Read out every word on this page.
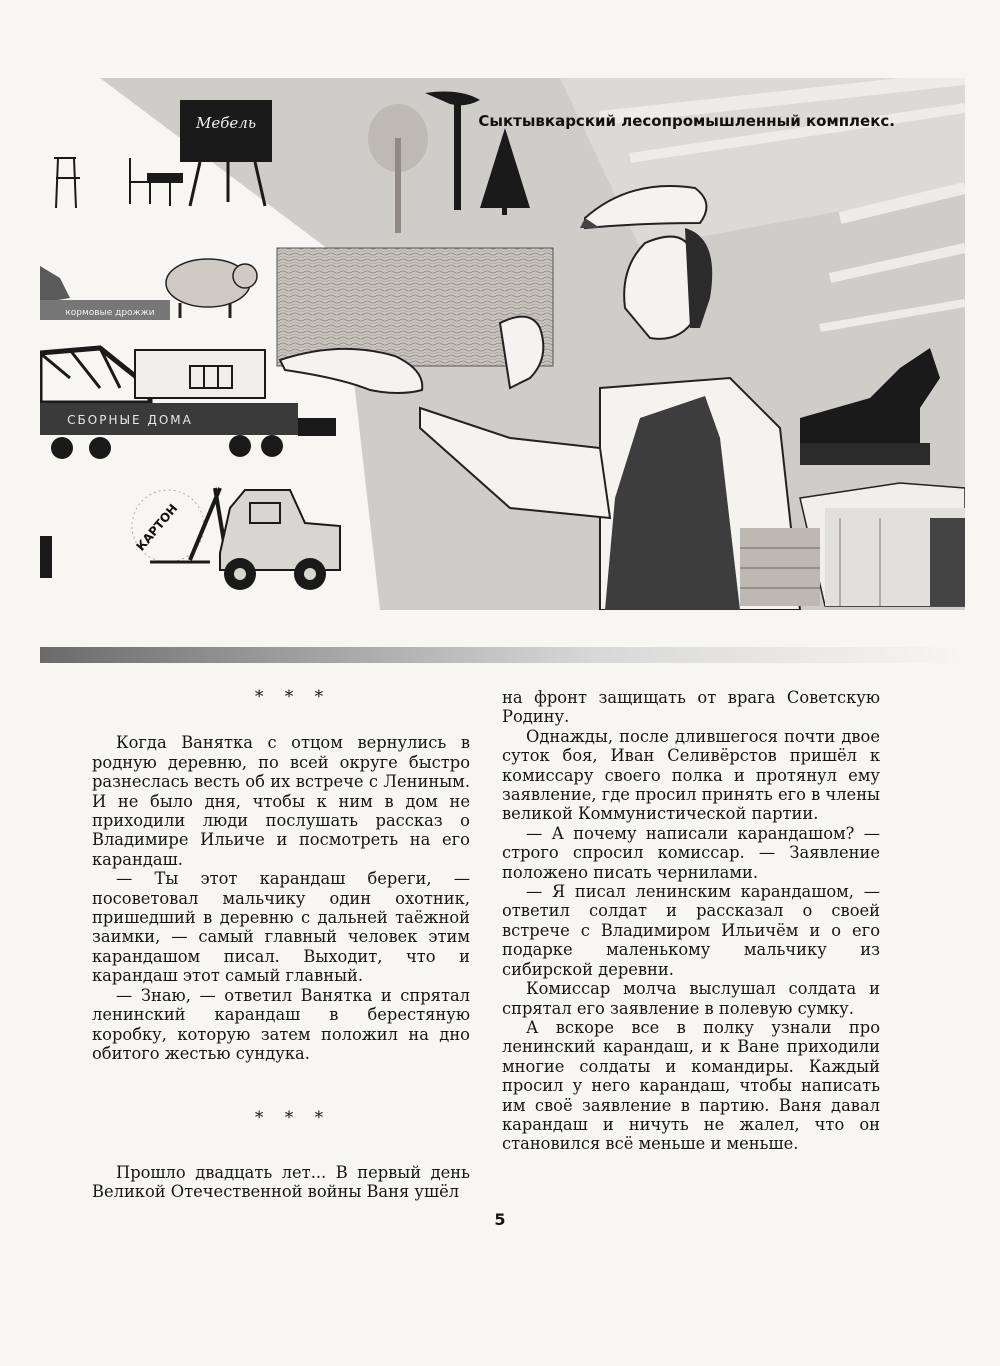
Мебель	Сыктывкарский лесопромышленный комплекс.
кормовые дрожжи
СБОРНЫЕ ДОМА
КАРТОН

* * *

Когда Ванятка с отцом вернулись в родную деревню, по всей округе быстро разнеслась весть об их встрече с Лениным. И не было дня, чтобы к ним в дом не приходили люди послушать рассказ о Владимире Ильиче и посмотреть на его карандаш.

— Ты этот карандаш береги, — посоветовал мальчику один охотник, пришедший в деревню с дальней таёжной заимки, — самый главный человек этим карандашом писал. Выходит, что и карандаш этот самый главный.

— Знаю, — ответил Ванятка и спрятал ленинский карандаш в берестяную коробку, которую затем положил на дно обитого жестью сундука.

* * *

Прошло двадцать лет... В первый день Великой Отечественной войны Ваня ушёл

на фронт защищать от врага Советскую Родину.

Однажды, после длившегося почти двое суток боя, Иван Селивёрстов пришёл к комиссару своего полка и протянул ему заявление, где просил принять его в члены великой Коммунистической партии.

— А почему написали карандашом? — строго спросил комиссар. — Заявление положено писать чернилами.

— Я писал ленинским карандашом, — ответил солдат и рассказал о своей встрече с Владимиром Ильичём и о его подарке маленькому мальчику из сибирской деревни.

Комиссар молча выслушал солдата и спрятал его заявление в полевую сумку.

А вскоре все в полку узнали про ленинский карандаш, и к Ване приходили многие солдаты и командиры. Каждый просил у него карандаш, чтобы написать им своё заявление в партию. Ваня давал карандаш и ничуть не жалел, что он становился всё меньше и меньше.

5
